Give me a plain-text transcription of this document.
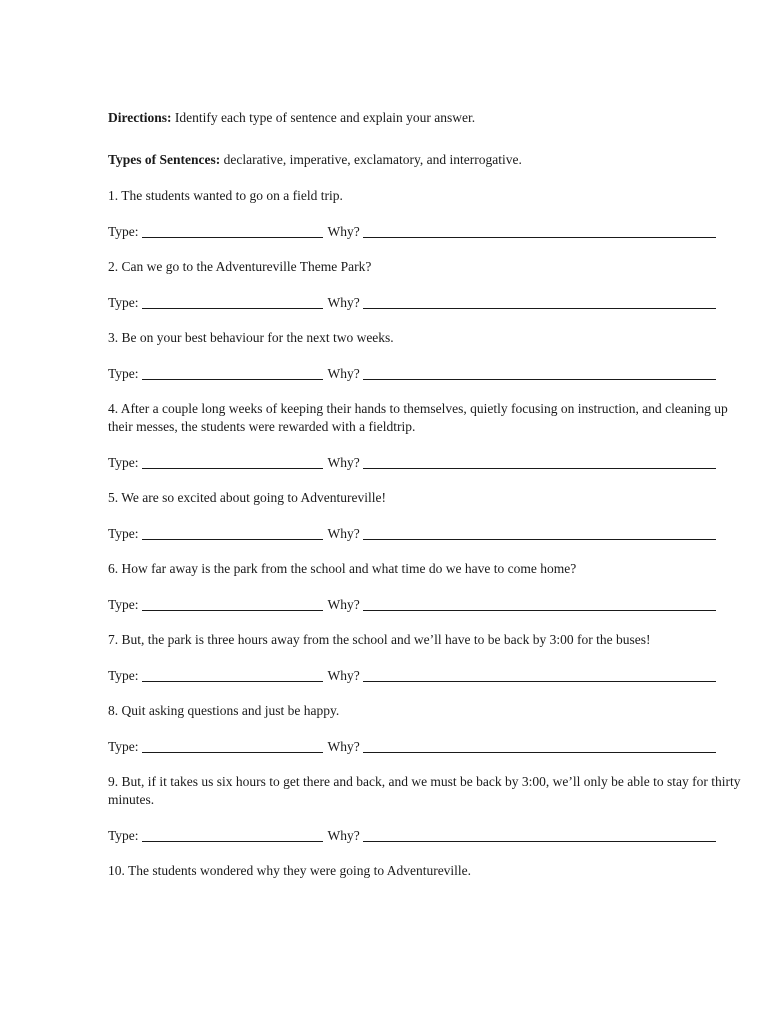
Directions: Identify each type of sentence and explain your answer.
Types of Sentences: declarative, imperative, exclamatory, and interrogative.
1. The students wanted to go on a field trip.
Type:	Why?
2. Can we go to the Adventureville Theme Park?
Type:	Why?
3. Be on your best behaviour for the next two weeks.
Type:	Why?
4. After a couple long weeks of keeping their hands to themselves, quietly focusing on instruction, and cleaning up their messes, the students were rewarded with a fieldtrip.
Type:	Why?
5. We are so excited about going to Adventureville!
Type:	Why?
6. How far away is the park from the school and what time do we have to come home?
Type:	Why?
7. But, the park is three hours away from the school and we’ll have to be back by 3:00 for the buses!
Type:	Why?
8. Quit asking questions and just be happy.
Type:	Why?
9. But, if it takes us six hours to get there and back, and we must be back by 3:00, we’ll only be able to stay for thirty minutes.
Type:	Why?
10. The students wondered why they were going to Adventureville.
